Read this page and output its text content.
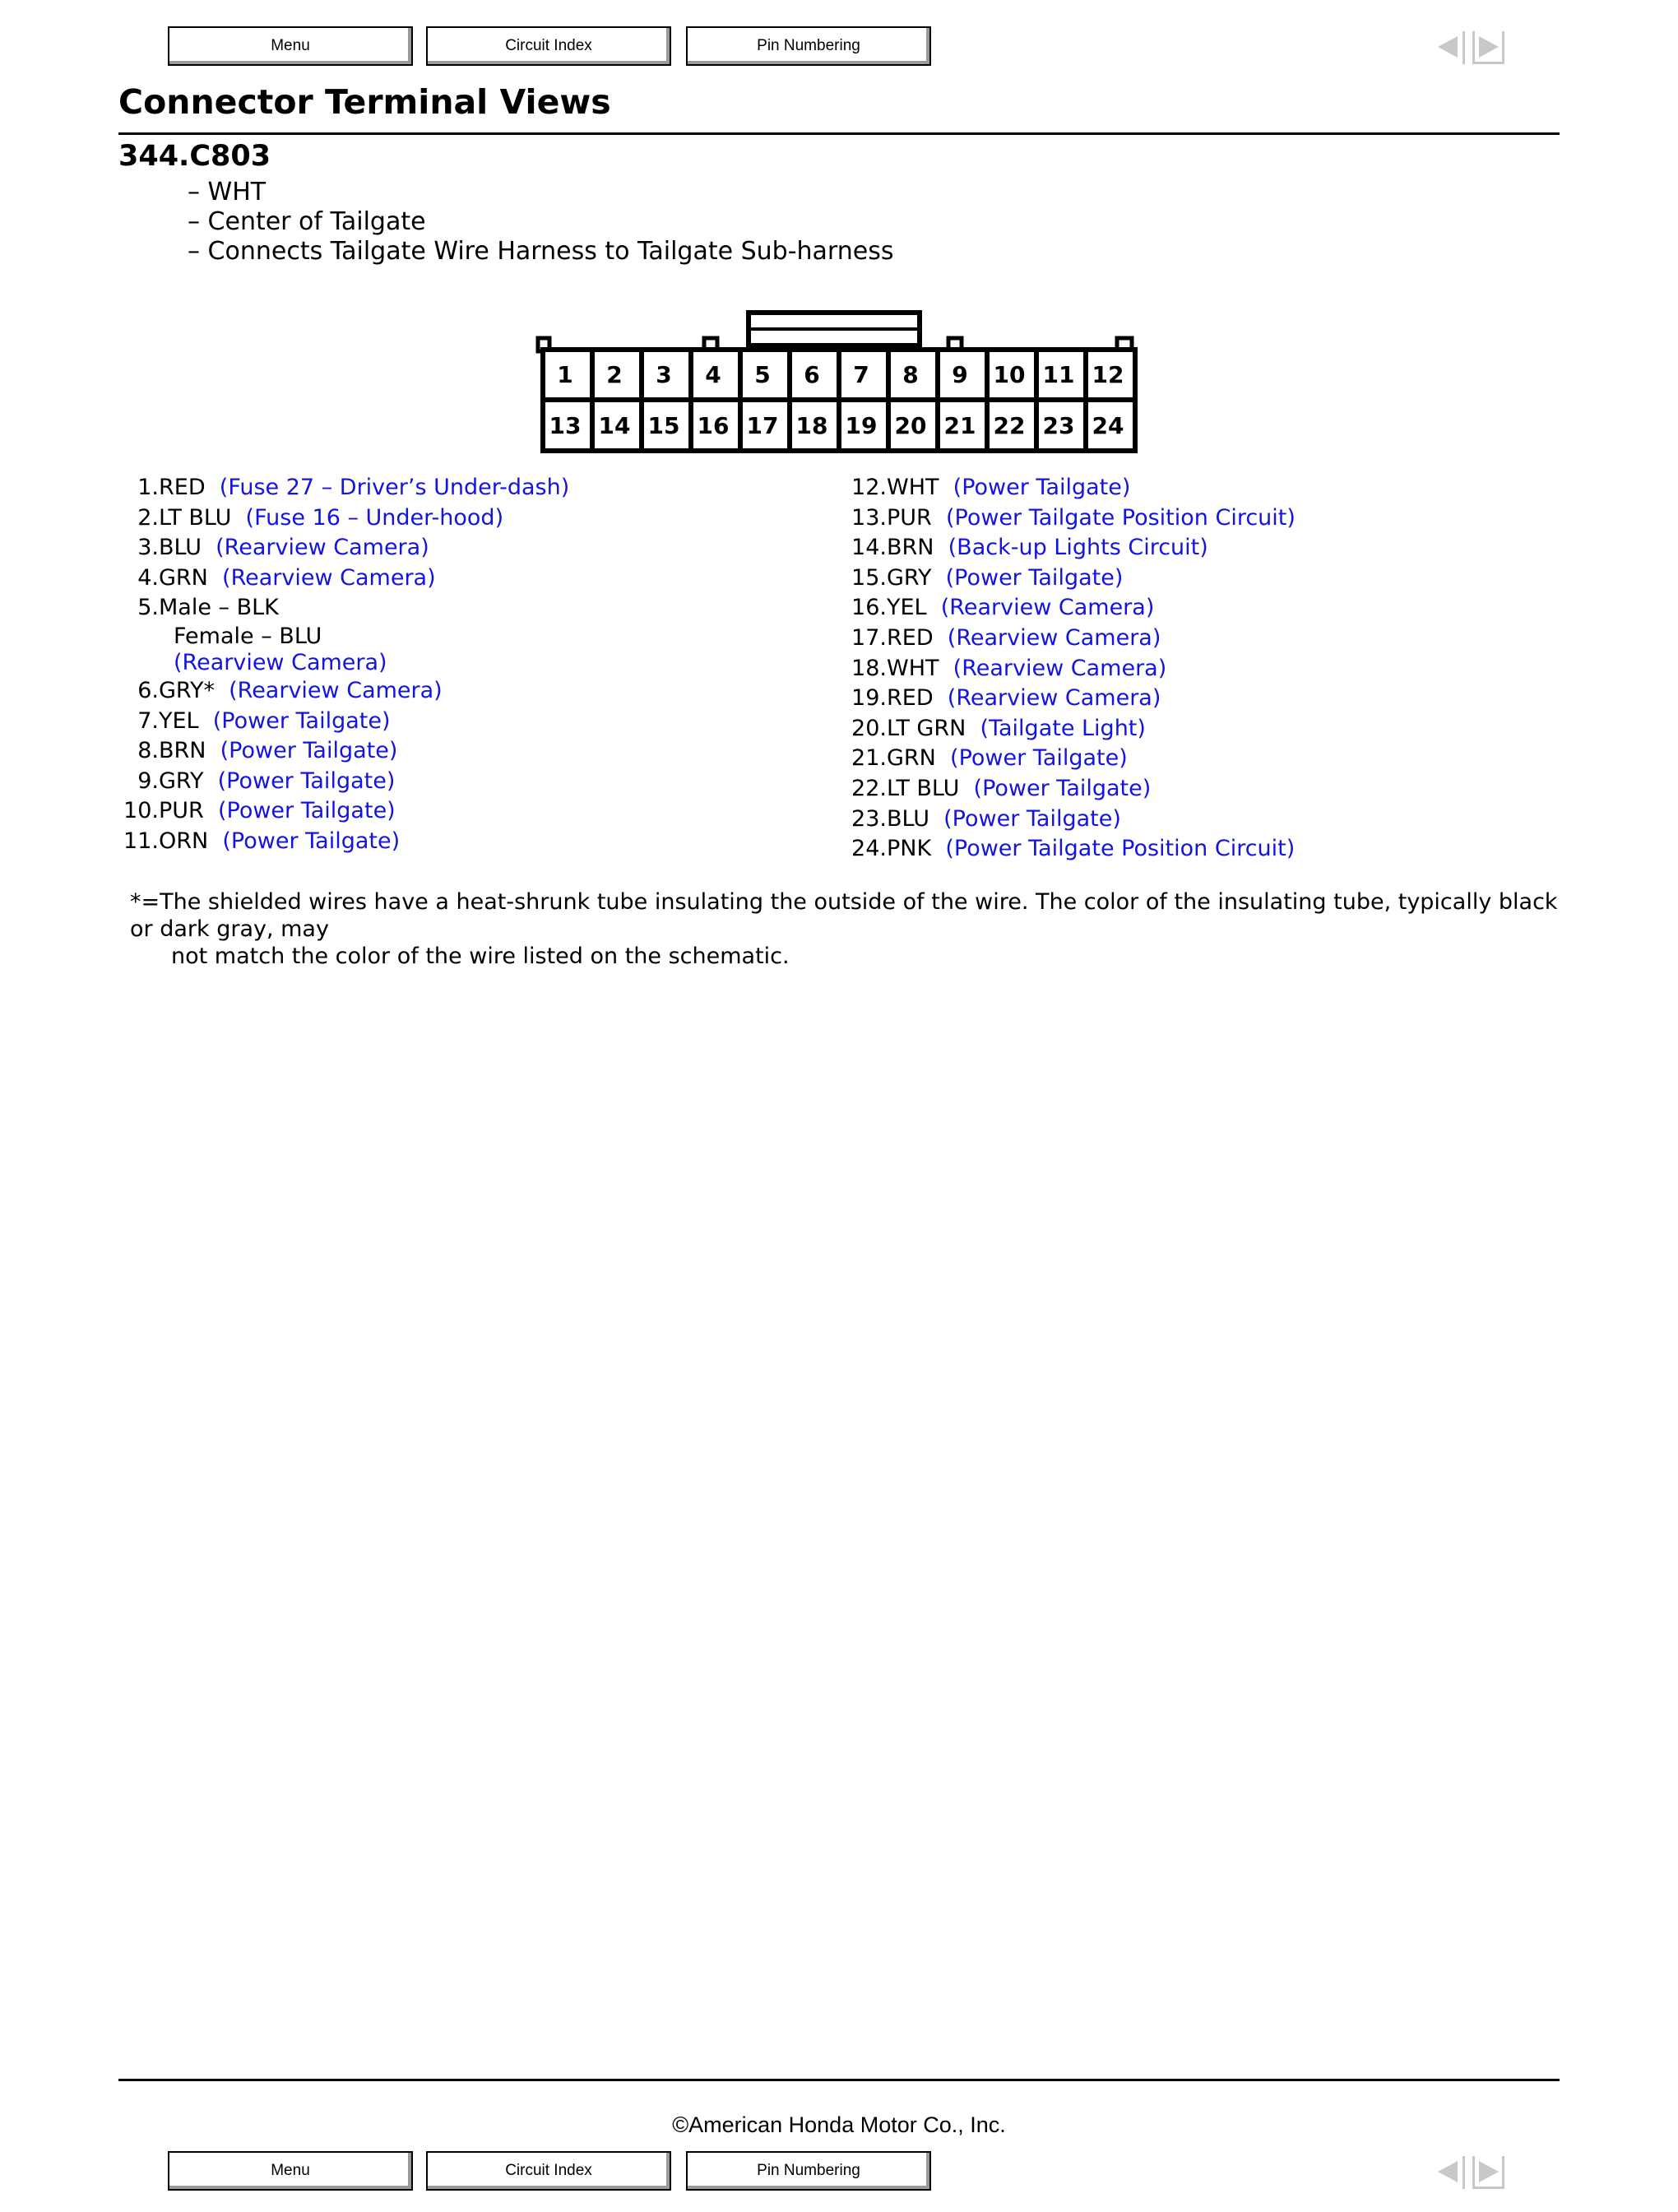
Menu	Circuit Index	Pin Numbering
Connector Terminal Views
344.C803
– WHT
– Center of Tailgate
– Connects Tailgate Wire Harness to Tailgate Sub-harness
1 2 3 4 5 6 7 8 9 10 11 12
13 14 15 16 17 18 19 20 21 22 23 24
1.RED  (Fuse 27 – Driver’s Under-dash)
2.LT BLU  (Fuse 16 – Under-hood)
3.BLU  (Rearview Camera)
4.GRN  (Rearview Camera)
5.Male – BLK
Female – BLU
(Rearview Camera)
6.GRY*  (Rearview Camera)
7.YEL  (Power Tailgate)
8.BRN  (Power Tailgate)
9.GRY  (Power Tailgate)
10.PUR  (Power Tailgate)
11.ORN  (Power Tailgate)
12.WHT  (Power Tailgate)
13.PUR  (Power Tailgate Position Circuit)
14.BRN  (Back-up Lights Circuit)
15.GRY  (Power Tailgate)
16.YEL  (Rearview Camera)
17.RED  (Rearview Camera)
18.WHT  (Rearview Camera)
19.RED  (Rearview Camera)
20.LT GRN  (Tailgate Light)
21.GRN  (Power Tailgate)
22.LT BLU  (Power Tailgate)
23.BLU  (Power Tailgate)
24.PNK  (Power Tailgate Position Circuit)
*=The shielded wires have a heat-shrunk tube insulating the outside of the wire. The color of the insulating tube, typically black or dark gray, may
not match the color of the wire listed on the schematic.
©American Honda Motor Co., Inc.
Menu	Circuit Index	Pin Numbering
